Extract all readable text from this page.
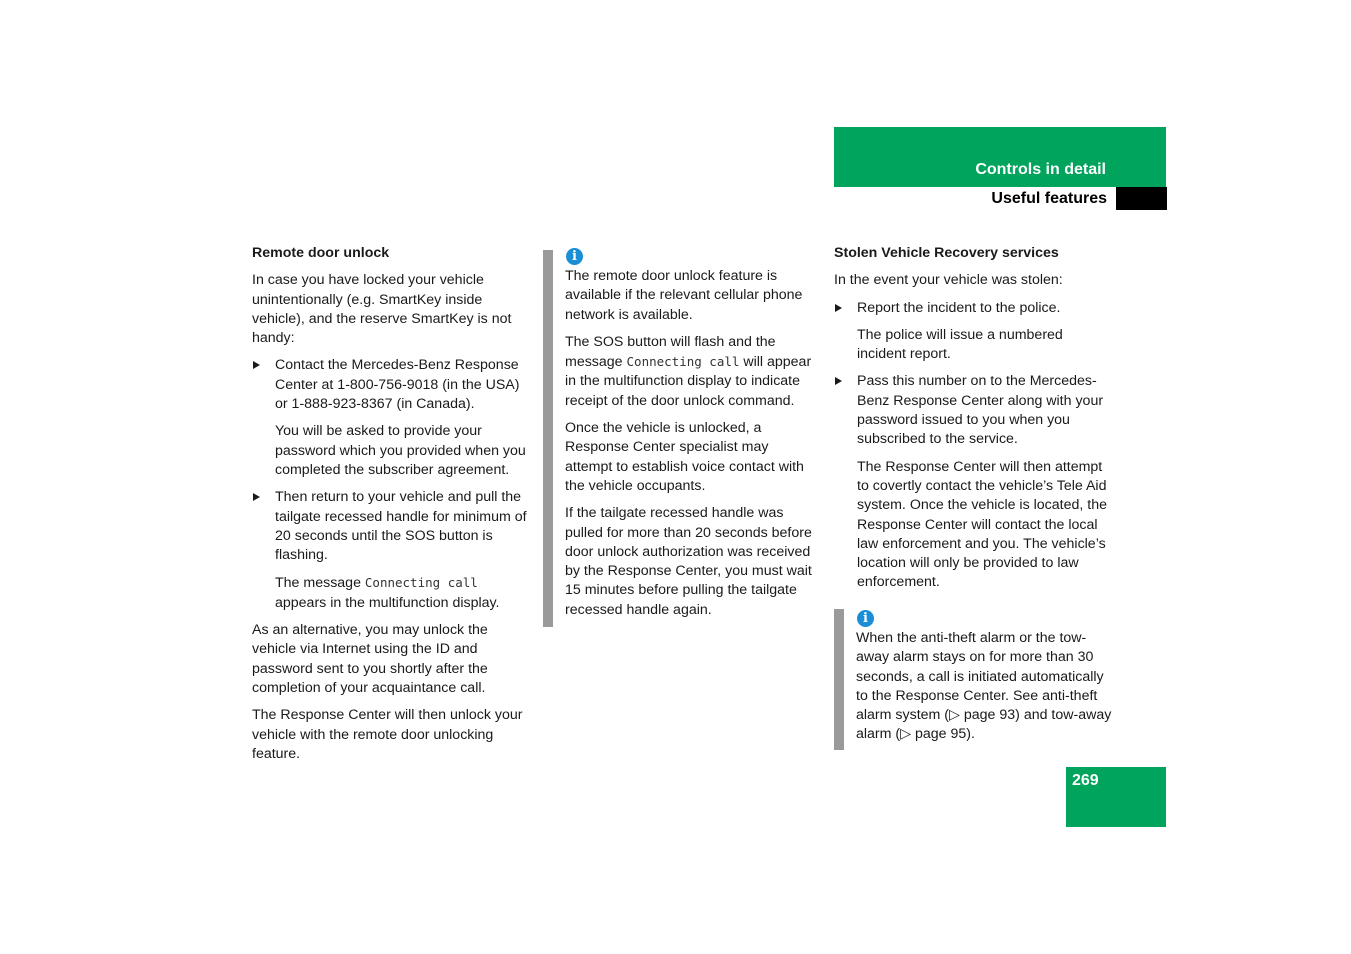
Controls in detail
Useful features
Remote door unlock

In case you have locked your vehicle unintentionally (e.g. SmartKey inside vehicle), and the reserve SmartKey is not handy:

Contact the Mercedes-Benz Response Center at 1-800-756-9018 (in the USA) or 1-888-923-8367 (in Canada).

You will be asked to provide your password which you provided when you completed the subscriber agreement.

Then return to your vehicle and pull the tailgate recessed handle for minimum of 20 seconds until the SOS button is flashing.

The message Connecting call appears in the multifunction display.

As an alternative, you may unlock the vehicle via Internet using the ID and password sent to you shortly after the completion of your acquaintance call.

The Response Center will then unlock your vehicle with the remote door unlocking feature.

i

The remote door unlock feature is available if the relevant cellular phone network is available.

The SOS button will flash and the message Connecting call will appear in the multifunction display to indicate receipt of the door unlock command.

Once the vehicle is unlocked, a Response Center specialist may attempt to establish voice contact with the vehicle occupants.

If the tailgate recessed handle was pulled for more than 20 seconds before door unlock authorization was received by the Response Center, you must wait 15 minutes before pulling the tailgate recessed handle again.

Stolen Vehicle Recovery services

In the event your vehicle was stolen:

Report the incident to the police.

The police will issue a numbered incident report.

Pass this number on to the Mercedes-Benz Response Center along with your password issued to you when you subscribed to the service.

The Response Center will then attempt to covertly contact the vehicle’s Tele Aid system. Once the vehicle is located, the Response Center will contact the local law enforcement and you. The vehicle’s location will only be provided to law enforcement.

i

When the anti-theft alarm or the tow-away alarm stays on for more than 30 seconds, a call is initiated automatically to the Response Center. See anti-theft alarm system (▷ page 93) and tow-away alarm (▷ page 95).

269
